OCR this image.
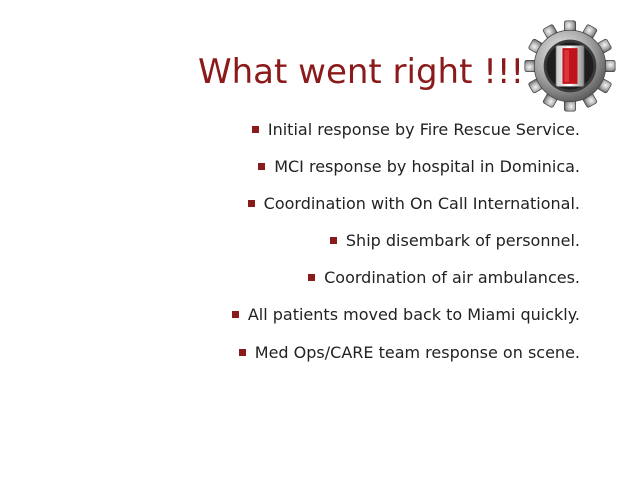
What went right !!!
Initial response by Fire Rescue Service.
MCI response by hospital in Dominica.
Coordination with On Call International.
Ship disembark of personnel.
Coordination of air ambulances.
All patients moved back to Miami quickly.
Med Ops/CARE team response on scene.
